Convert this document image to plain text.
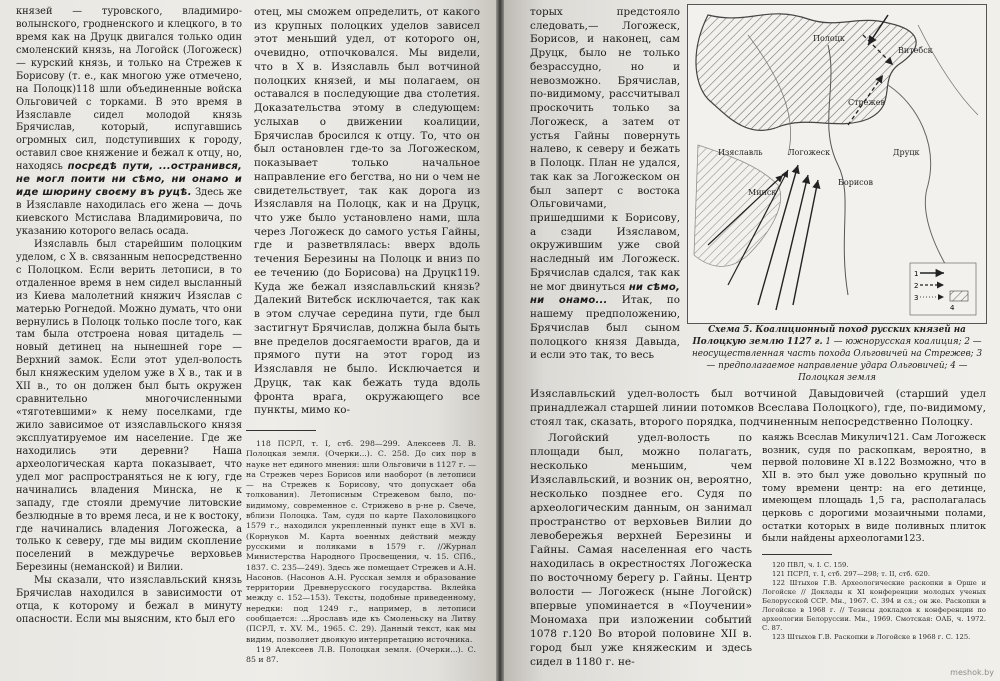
князей — туровского, владимиро-волынского, гродненского и клецкого, в то время как на Друцк двигался только один смоленский князь, на Логойск (Логожеск) — курский князь, и только на Стрежев к Борисову (т. е., как многою уже отмечено, на Полоцк)118 шли объединенные войска Ольговичей с торками. В это время в Изяславле сидел молодой князь Брячислав, который, испугавшись огромных сил, подступивших к городу, оставил свое княжение и бежал к отцу, но, находясь посрєдѣ пути, ...остранився, не могл поити ни сѣмо, ни онамо и иде шюрину своєму въ руцѣ. Здесь же в Изяславле находилась его жена — дочь киевского Мстислава Владимировича, по указанию которого велась осада.

Изяславль был старейшим полоцким уделом, с Х в. связанным непосредственно с Полоцком. Если верить летописи, в то отдаленное время в нем сидел высланный из Киева малолетний княжич Изяслав с матерью Рогнедой. Можно думать, что они вернулись в Полоцк только после того, как там была отстроена новая цитадель — новый детинец на нынешней горе — Верхний замок. Если этот удел-волость был княжеским уделом уже в Х в., так и в XII в., то он должен был быть окружен сравнительно многочисленными «тяготевшими» к нему поселками, где жило зависимое от изяславльского князя эксплуатируемое им население. Где же находились эти деревни? Наша археологическая карта показывает, что удел мог распространяться не к югу, где начинались владения Минска, не к западу, где стояли дремучие литовские безлюдные в то время леса, и не к востоку, где начинались владения Логожеска, а только к северу, где мы видим скопление поселений в междуречье верховьев Березины (неманской) и Вилии.

Мы сказали, что изяславльский князь Брячислав находился в зависимости от отца, к которому и бежал в минуту опасности. Если мы выясним, кто был его

отец, мы сможем определить, от какого из крупных полоцких уделов зависел этот меньший удел, от которого он, очевидно, отпочковался. Мы видели, что в Х в. Изяславль был вотчиной полоцких князей, и мы полагаем, он оставался в последующие два столетия. Доказательства этому в следующем: услыхав о движении коалиции, Брячислав бросился к отцу. То, что он был остановлен где-то за Логожеском, показывает только начальное направление его бегства, но ни о чем не свидетельствует, так как дорога из Изяславля на Полоцк, как и на Друцк, что уже было установлено нами, шла через Логожеск до самого устья Гайны, где и разветвлялась: вверх вдоль течения Березины на Полоцк и вниз по ее течению (до Борисова) на Друцк119. Куда же бежал изяславльский князь? Далекий Витебск исключается, так как в этом случае середина пути, где был застигнут Брячислав, должна была быть вне пределов досягаемости врагов, да и прямого пути на этот город из Изяславля не было. Исключается и Друцк, так как бежать туда вдоль фронта врага, окружающего все пункты, мимо ко-

118 ПСРЛ, т. I, стб. 298—299. Алексеев Л. В. Полоцкая земля. (Очерки...). С. 258. До сих пор в науке нет единого мнения: шли Ольговичи в 1127 г. — на Стрежев через Борисов или наоборот (в летописи — на Стрежев к Борисову, что допускает оба толкования). Летописным Стрежевом было, по-видимому, современное с. Стрижево в р-не р. Свече, вблизи Полоцка. Там, судя по карте Пахоловицкого 1579 г., находился укрепленный пункт еще в XVI в. (Корнуков М. Карта военных действий между русскими и поляками в 1579 г. //Журнал Министерства Народного Просвещения, ч. 15. СПб., 1837. С. 235—249). Здесь же помещает Стрежев и А.Н. Насонов. (Насонов А.Н. Русская земля и образование территории Древнерусского государства. Вклейка между с. 152—153). Тексты, подобные приведенному, нередки: под 1249 г., например, в летописи сообщается: ...Ярославъ иде къ Смоленьску на Литву (ПСРЛ, т. XV. М., 1965. С. 29). Данный текст, как мы видим, позволяет двоякую интерпретацию источника.

119 Алексеев Л.В. Полоцкая земля. (Очерки...). С. 85 и 87.

торых предстояло следовать,— Логожеск, Борисов, и наконец, сам Друцк, было не только безрассудно, но и невозможно. Брячислав, по-видимому, рассчитывал проскочить только за Логожеск, а затем от устья Гайны повернуть налево, к северу и бежать в Полоцк. План не удался, так как за Логожеском он был заперт с востока Ольговичами, пришедшими к Борисову, а сзади Изяславом, окружившим уже свой наследный им Логожеск. Брячислав сдался, так как не мог двинуться ни сѣмо, ни онамо... Итак, по нашему предположению, Брячислав был сыном полоцкого князя Давыда, и если это так, то весь

Полоцк
Витебск
Друцк
Логожеск
Минск
Борисов
Изяславль
Стрежев
1
2
3
4
Схема 5. Коалиционный поход русских князей на Полоцкую землю 1127 г. 1 — южнорусская коалиция; 2 — неосуществленная часть похода Ольговичей на Стрежев; 3 — предполагаемое направление удара Ольговичей; 4 — Полоцкая земля

Изяславльский удел-волость был вотчиной Давыдовичей (старший удел принадлежал старшей линии потомков Всеслава Полоцкого), где, по-видимому, стоял так, сказать, второго порядка, подчиненным непосредственно Полоцку.

Логойский удел-волость по площади был, можно полагать, несколько меньшим, чем Изяславльский, и возник он, вероятно, несколько позднее его. Судя по археологическим данным, он занимал пространство от верховьев Вилии до левобережья верхней Березины и Гайны. Самая населенная его часть находилась в окрестностях Логожеска по восточному берегу р. Гайны. Центр волости — Логожеск (ныне Логойск) впервые упоминается в «Поучении» Мономаха при изложении событий 1078 г.120 Во второй половине XII в. город был уже княжеским и здесь сидел в 1180 г. не-

каяжь Всеслав Микулич121. Сам Логожеск возник, судя по раскопкам, вероятно, в первой половине XI в.122 Возможно, что в XII в. это был уже довольно крупный по тому времени центр: на его детинце, имеющем площадь 1,5 га, располагалась церковь с дорогими мозаичными полами, остатки которых в виде поливных плиток были найдены археологами123.

120 ПВЛ, ч. I. С. 159.

121 ПСРЛ, т. I, стб. 297—298; т. II, стб. 620.

122 Штыхов Г.В. Археологические раскопки в Орше и Логойске // Доклады к XI конференции молодых ученых Белорусской ССР. Мн., 1967. С. 394 и сл.; он же. Раскопки в Логойске в 1968 г. // Тезисы докладов к конференции по археологии Белоруссии. Мн., 1969. Смотская: ОАБ, ч. 1972. С. 87.

123 Штыхов Г.В. Раскопки в Логойске в 1968 г. С. 125.

meshok.by
